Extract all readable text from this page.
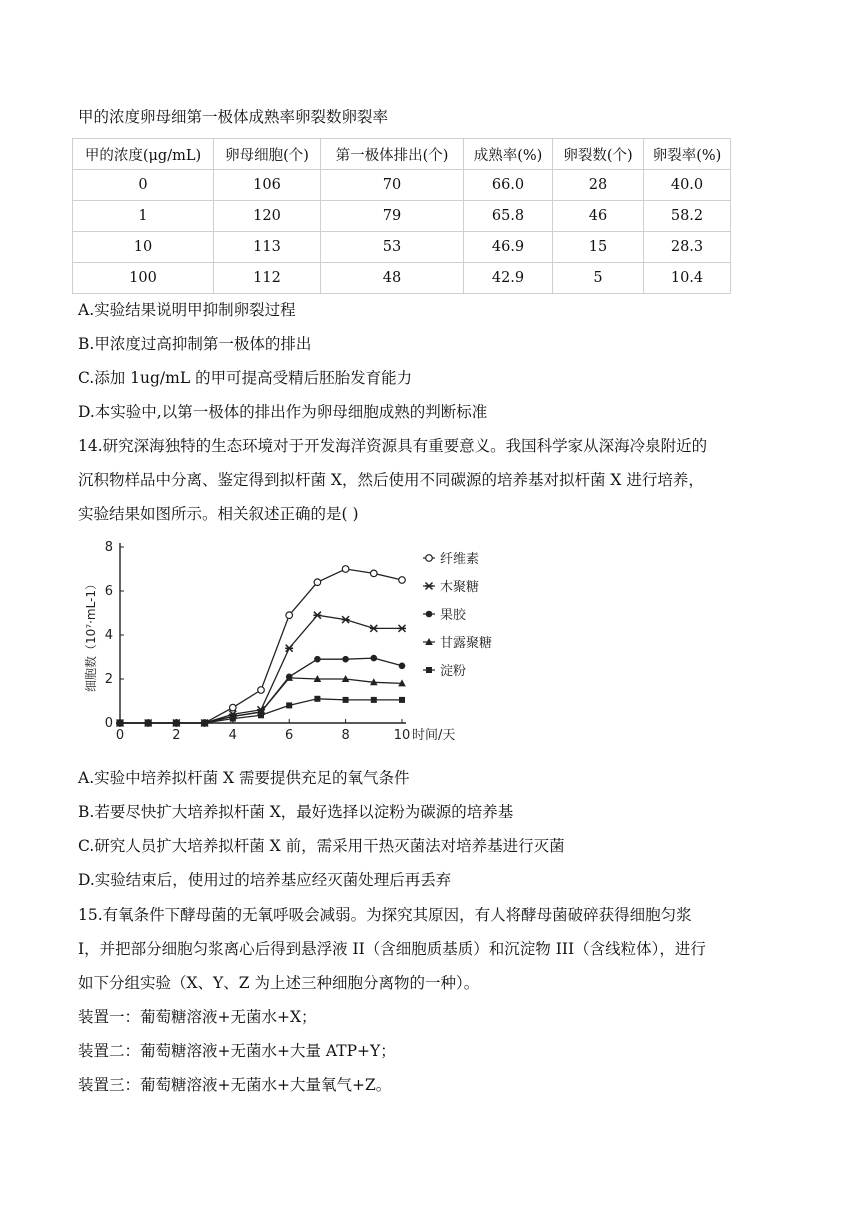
甲的浓度卵母细第一极体成熟率卵裂数卵裂率
甲的浓度(μg/mL)	卵母细胞(个)	第一极体排出(个)	成熟率(%)	卵裂数(个)	卵裂率(%)
0	106	70	66.0	28	40.0
1	120	79	65.8	46	58.2
10	113	53	46.9	15	28.3
100	112	48	42.9	5	10.4
A.实验结果说明甲抑制卵裂过程
B.甲浓度过高抑制第一极体的排出
C.添加 1ug/mL 的甲可提高受精后胚胎发育能力
D.本实验中,以第一极体的排出作为卵母细胞成熟的判断标准
14.研究深海独特的生态环境对于开发海洋资源具有重要意义。我国科学家从深海冷泉附近的
沉积物样品中分离、鉴定得到拟杆菌 X，然后使用不同碳源的培养基对拟杆菌 X 进行培养，
实验结果如图所示。相关叙述正确的是( )
0	2	4	6	8	10
0
2
4
6
8
时间/天
细胞数（10⁷·mL-1）
纤维素
木聚糖
果胶
甘露聚糖
淀粉
A.实验中培养拟杆菌 X 需要提供充足的氧气条件
B.若要尽快扩大培养拟杆菌 X，最好选择以淀粉为碳源的培养基
C.研究人员扩大培养拟杆菌 X 前，需采用干热灭菌法对培养基进行灭菌
D.实验结束后，使用过的培养基应经灭菌处理后再丢弃
15.有氧条件下酵母菌的无氧呼吸会减弱。为探究其原因，有人将酵母菌破碎获得细胞匀浆
I，并把部分细胞匀浆离心后得到悬浮液 II（含细胞质基质）和沉淀物 III（含线粒体），进行
如下分组实验（X、Y、Z 为上述三种细胞分离物的一种）。
装置一：葡萄糖溶液+无菌水+X；
装置二：葡萄糖溶液+无菌水+大量 ATP+Y；
装置三：葡萄糖溶液+无菌水+大量氧气+Z。
